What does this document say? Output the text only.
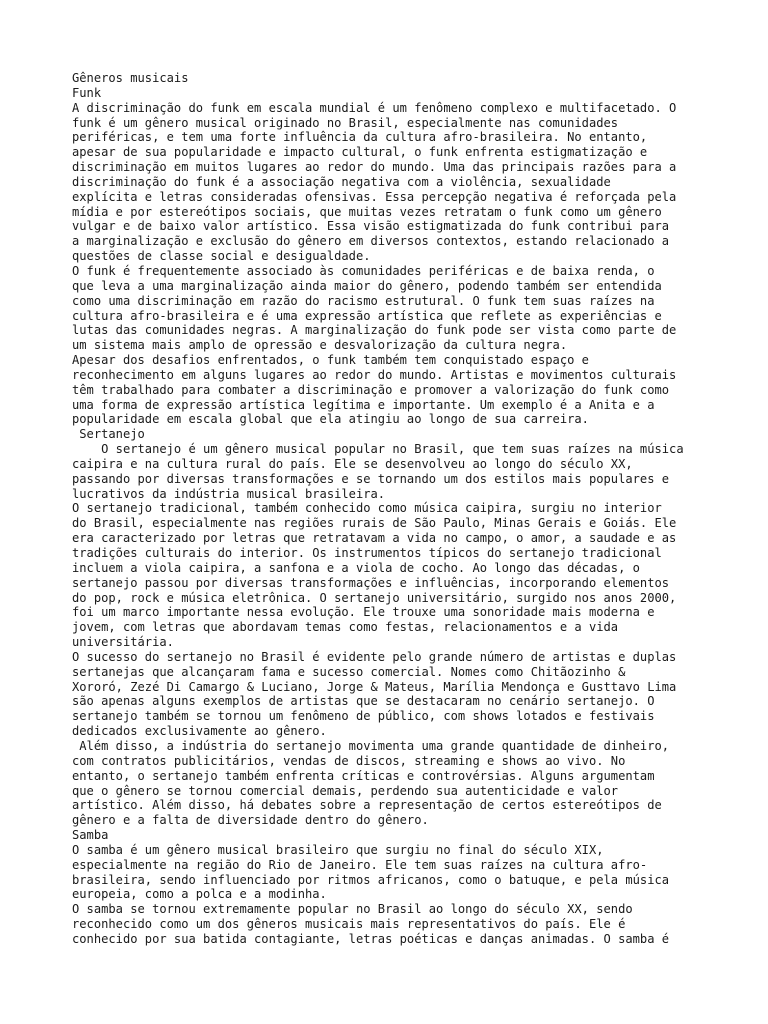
Gêneros musicais
Funk
A discriminação do funk em escala mundial é um fenômeno complexo e multifacetado. O
funk é um gênero musical originado no Brasil, especialmente nas comunidades
periféricas, e tem uma forte influência da cultura afro-brasileira. No entanto,
apesar de sua popularidade e impacto cultural, o funk enfrenta estigmatização e
discriminação em muitos lugares ao redor do mundo. Uma das principais razões para a
discriminação do funk é a associação negativa com a violência, sexualidade
explícita e letras consideradas ofensivas. Essa percepção negativa é reforçada pela
mídia e por estereótipos sociais, que muitas vezes retratam o funk como um gênero
vulgar e de baixo valor artístico. Essa visão estigmatizada do funk contribui para
a marginalização e exclusão do gênero em diversos contextos, estando relacionado a
questões de classe social e desigualdade.
O funk é frequentemente associado às comunidades periféricas e de baixa renda, o
que leva a uma marginalização ainda maior do gênero, podendo também ser entendida
como uma discriminação em razão do racismo estrutural. O funk tem suas raízes na
cultura afro-brasileira e é uma expressão artística que reflete as experiências e
lutas das comunidades negras. A marginalização do funk pode ser vista como parte de
um sistema mais amplo de opressão e desvalorização da cultura negra.
Apesar dos desafios enfrentados, o funk também tem conquistado espaço e
reconhecimento em alguns lugares ao redor do mundo. Artistas e movimentos culturais
têm trabalhado para combater a discriminação e promover a valorização do funk como
uma forma de expressão artística legítima e importante. Um exemplo é a Anita e a
popularidade em escala global que ela atingiu ao longo de sua carreira.
Sertanejo
O sertanejo é um gênero musical popular no Brasil, que tem suas raízes na música
caipira e na cultura rural do país. Ele se desenvolveu ao longo do século XX,
passando por diversas transformações e se tornando um dos estilos mais populares e
lucrativos da indústria musical brasileira.
O sertanejo tradicional, também conhecido como música caipira, surgiu no interior
do Brasil, especialmente nas regiões rurais de São Paulo, Minas Gerais e Goiás. Ele
era caracterizado por letras que retratavam a vida no campo, o amor, a saudade e as
tradições culturais do interior. Os instrumentos típicos do sertanejo tradicional
incluem a viola caipira, a sanfona e a viola de cocho. Ao longo das décadas, o
sertanejo passou por diversas transformações e influências, incorporando elementos
do pop, rock e música eletrônica. O sertanejo universitário, surgido nos anos 2000,
foi um marco importante nessa evolução. Ele trouxe uma sonoridade mais moderna e
jovem, com letras que abordavam temas como festas, relacionamentos e a vida
universitária.
O sucesso do sertanejo no Brasil é evidente pelo grande número de artistas e duplas
sertanejas que alcançaram fama e sucesso comercial. Nomes como Chitãozinho &
Xororó, Zezé Di Camargo & Luciano, Jorge & Mateus, Marília Mendonça e Gusttavo Lima
são apenas alguns exemplos de artistas que se destacaram no cenário sertanejo. O
sertanejo também se tornou um fenômeno de público, com shows lotados e festivais
dedicados exclusivamente ao gênero.
Além disso, a indústria do sertanejo movimenta uma grande quantidade de dinheiro,
com contratos publicitários, vendas de discos, streaming e shows ao vivo. No
entanto, o sertanejo também enfrenta críticas e controvérsias. Alguns argumentam
que o gênero se tornou comercial demais, perdendo sua autenticidade e valor
artístico. Além disso, há debates sobre a representação de certos estereótipos de
gênero e a falta de diversidade dentro do gênero.
Samba
O samba é um gênero musical brasileiro que surgiu no final do século XIX,
especialmente na região do Rio de Janeiro. Ele tem suas raízes na cultura afro-
brasileira, sendo influenciado por ritmos africanos, como o batuque, e pela música
europeia, como a polca e a modinha.
O samba se tornou extremamente popular no Brasil ao longo do século XX, sendo
reconhecido como um dos gêneros musicais mais representativos do país. Ele é
conhecido por sua batida contagiante, letras poéticas e danças animadas. O samba é
